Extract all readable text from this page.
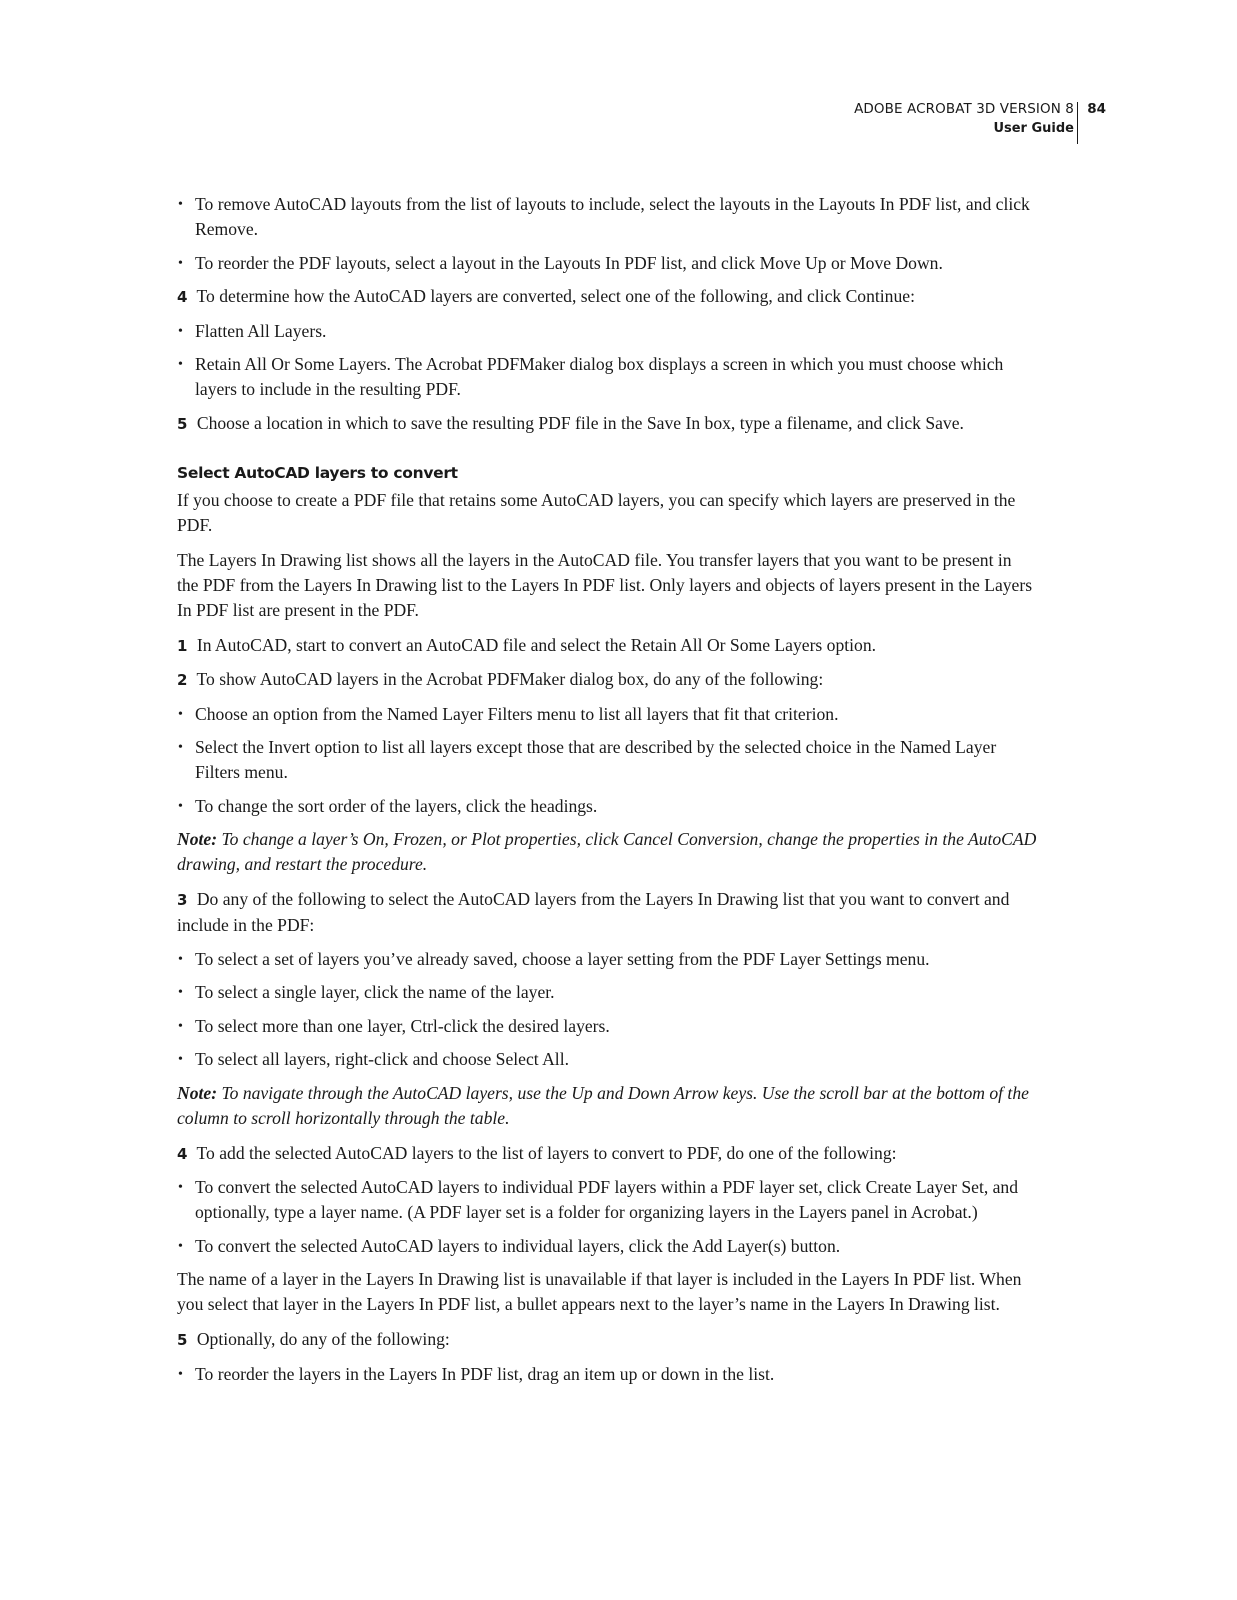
ADOBE ACROBAT 3D VERSION 8
User Guide
84
• To remove AutoCAD layouts from the list of layouts to include, select the layouts in the Layouts In PDF list, and click Remove.
• To reorder the PDF layouts, select a layout in the Layouts In PDF list, and click Move Up or Move Down.
4 To determine how the AutoCAD layers are converted, select one of the following, and click Continue:
• Flatten All Layers.
• Retain All Or Some Layers. The Acrobat PDFMaker dialog box displays a screen in which you must choose which layers to include in the resulting PDF.
5 Choose a location in which to save the resulting PDF file in the Save In box, type a filename, and click Save.
Select AutoCAD layers to convert
If you choose to create a PDF file that retains some AutoCAD layers, you can specify which layers are preserved in the PDF.
The Layers In Drawing list shows all the layers in the AutoCAD file. You transfer layers that you want to be present in the PDF from the Layers In Drawing list to the Layers In PDF list. Only layers and objects of layers present in the Layers In PDF list are present in the PDF.
1 In AutoCAD, start to convert an AutoCAD file and select the Retain All Or Some Layers option.
2 To show AutoCAD layers in the Acrobat PDFMaker dialog box, do any of the following:
• Choose an option from the Named Layer Filters menu to list all layers that fit that criterion.
• Select the Invert option to list all layers except those that are described by the selected choice in the Named Layer Filters menu.
• To change the sort order of the layers, click the headings.
Note: To change a layer’s On, Frozen, or Plot properties, click Cancel Conversion, change the properties in the AutoCAD drawing, and restart the procedure.
3 Do any of the following to select the AutoCAD layers from the Layers In Drawing list that you want to convert and include in the PDF:
• To select a set of layers you’ve already saved, choose a layer setting from the PDF Layer Settings menu.
• To select a single layer, click the name of the layer.
• To select more than one layer, Ctrl-click the desired layers.
• To select all layers, right-click and choose Select All.
Note: To navigate through the AutoCAD layers, use the Up and Down Arrow keys. Use the scroll bar at the bottom of the column to scroll horizontally through the table.
4 To add the selected AutoCAD layers to the list of layers to convert to PDF, do one of the following:
• To convert the selected AutoCAD layers to individual PDF layers within a PDF layer set, click Create Layer Set, and optionally, type a layer name. (A PDF layer set is a folder for organizing layers in the Layers panel in Acrobat.)
• To convert the selected AutoCAD layers to individual layers, click the Add Layer(s) button.
The name of a layer in the Layers In Drawing list is unavailable if that layer is included in the Layers In PDF list. When you select that layer in the Layers In PDF list, a bullet appears next to the layer’s name in the Layers In Drawing list.
5 Optionally, do any of the following:
• To reorder the layers in the Layers In PDF list, drag an item up or down in the list.
